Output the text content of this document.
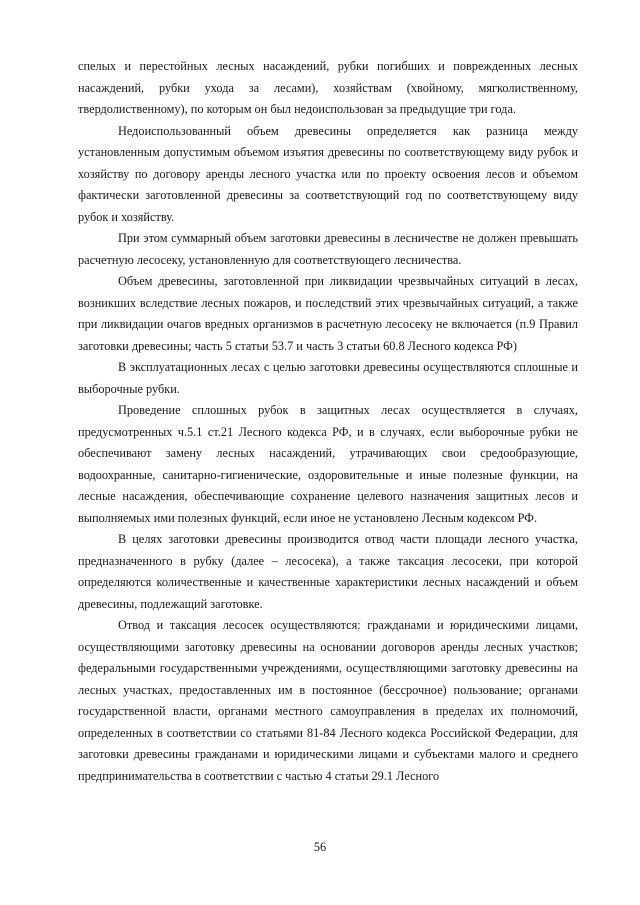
спелых и перестойных лесных насаждений, рубки погибших и поврежденных лесных насаждений, рубки ухода за лесами), хозяйствам (хвойному, мягколиственному, твердолиственному), по которым он был недоиспользован за предыдущие три года.

Недоиспользованный объем древесины определяется как разница между установленным допустимым объемом изъятия древесины по соответствующему виду рубок и хозяйству по договору аренды лесного участка или по проекту освоения лесов и объемом фактически заготовленной древесины за соответствующий год по соответствующему виду рубок и хозяйству.

При этом суммарный объем заготовки древесины в лесничестве не должен превышать расчетную лесосеку, установленную для соответствующего лесничества.

Объем древесины, заготовленной при ликвидации чрезвычайных ситуаций в лесах, возникших вследствие лесных пожаров, и последствий этих чрезвычайных ситуаций, а также при ликвидации очагов вредных организмов в расчетную лесосеку не включается (п.9 Правил заготовки древесины; часть 5 статьи 53.7 и часть 3 статьи 60.8 Лесного кодекса РФ)

В эксплуатационных лесах с целью заготовки древесины осуществляются сплошные и выборочные рубки.

Проведение сплошных рубок в защитных лесах осуществляется в случаях, предусмотренных ч.5.1 ст.21 Лесного кодекса РФ, и в случаях, если выборочные рубки не обеспечивают замену лесных насаждений, утрачивающих свои средообразующие, водоохранные, санитарно-гигиенические, оздоровительные и иные полезные функции, на лесные насаждения, обеспечивающие сохранение целевого назначения защитных лесов и выполняемых ими полезных функций, если иное не установлено Лесным кодексом РФ.

В целях заготовки древесины производится отвод части площади лесного участка, предназначенного в рубку (далее – лесосека), а также таксация лесосеки, при которой определяются количественные и качественные характеристики лесных насаждений и объем древесины, подлежащий заготовке.

Отвод и таксация лесосек осуществляются: гражданами и юридическими лицами, осуществляющими заготовку древесины на основании договоров аренды лесных участков; федеральными государственными учреждениями, осуществляющими заготовку древесины на лесных участках, предоставленных им в постоянное (бессрочное) пользование; органами государственной власти, органами местного самоуправления в пределах их полномочий, определенных в соответствии со статьями 81-84 Лесного кодекса Российской Федерации, для заготовки древесины гражданами и юридическими лицами и субъектами малого и среднего предпринимательства в соответствии с частью 4 статьи 29.1 Лесного

56
